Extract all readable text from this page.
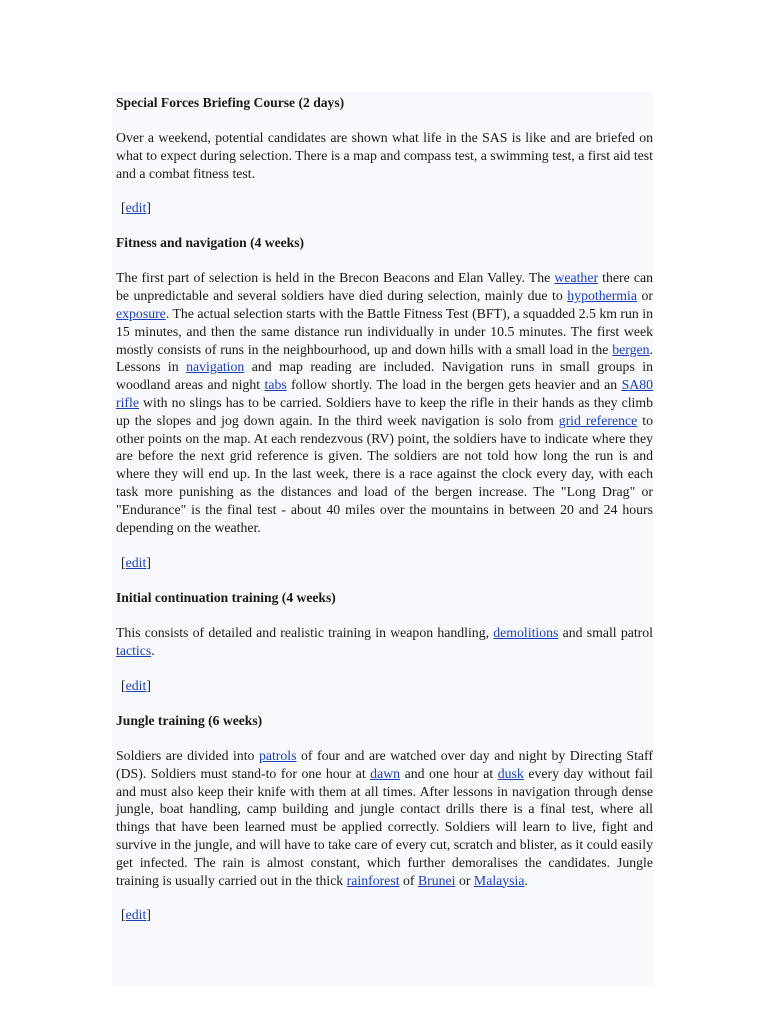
Special Forces Briefing Course (2 days)

Over a weekend, potential candidates are shown what life in the SAS is like and are briefed on what to expect during selection. There is a map and compass test, a swimming test, a first aid test and a combat fitness test.

[edit]
Fitness and navigation (4 weeks)

The first part of selection is held in the Brecon Beacons and Elan Valley. The weather there can be unpredictable and several soldiers have died during selection, mainly due to hypothermia or exposure. The actual selection starts with the Battle Fitness Test (BFT), a squadded 2.5 km run in 15 minutes, and then the same distance run individually in under 10.5 minutes. The first week mostly consists of runs in the neighbourhood, up and down hills with a small load in the bergen. Lessons in navigation and map reading are included. Navigation runs in small groups in woodland areas and night tabs follow shortly. The load in the bergen gets heavier and an SA80 rifle with no slings has to be carried. Soldiers have to keep the rifle in their hands as they climb up the slopes and jog down again. In the third week navigation is solo from grid reference to other points on the map. At each rendezvous (RV) point, the soldiers have to indicate where they are before the next grid reference is given. The soldiers are not told how long the run is and where they will end up. In the last week, there is a race against the clock every day, with each task more punishing as the distances and load of the bergen increase. The "Long Drag" or "Endurance" is the final test - about 40 miles over the mountains in between 20 and 24 hours depending on the weather.

[edit]
Initial continuation training (4 weeks)

This consists of detailed and realistic training in weapon handling, demolitions and small patrol tactics.

[edit]
Jungle training (6 weeks)

Soldiers are divided into patrols of four and are watched over day and night by Directing Staff (DS). Soldiers must stand-to for one hour at dawn and one hour at dusk every day without fail and must also keep their knife with them at all times. After lessons in navigation through dense jungle, boat handling, camp building and jungle contact drills there is a final test, where all things that have been learned must be applied correctly. Soldiers will learn to live, fight and survive in the jungle, and will have to take care of every cut, scratch and blister, as it could easily get infected. The rain is almost constant, which further demoralises the candidates. Jungle training is usually carried out in the thick rainforest of Brunei or Malaysia.

[edit]
